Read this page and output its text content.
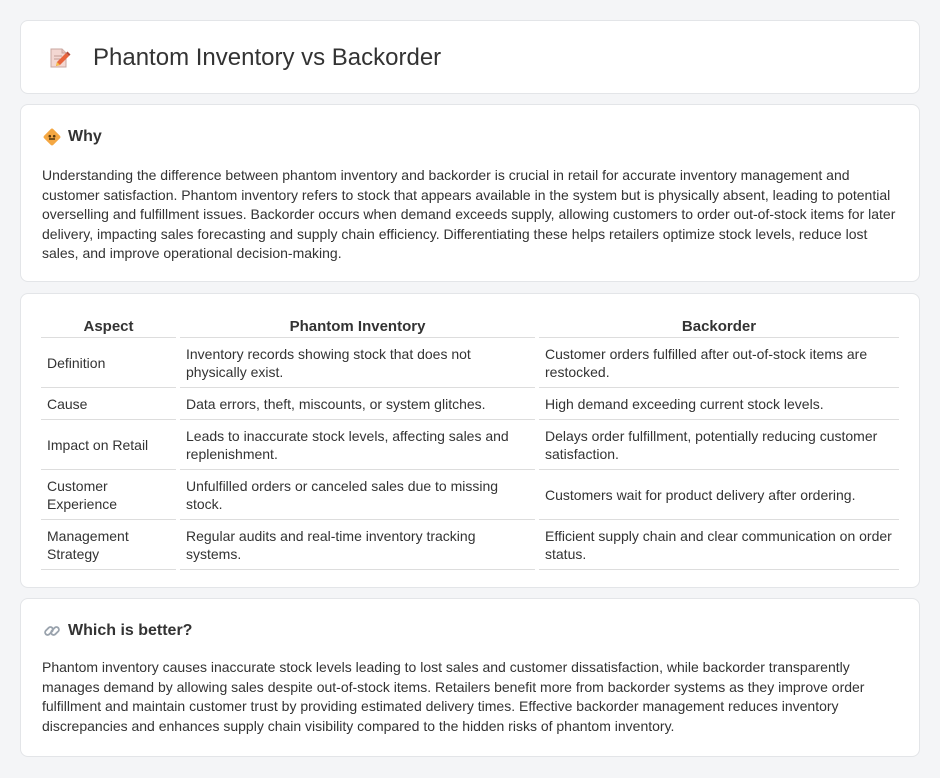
Phantom Inventory vs Backorder
Why

Understanding the difference between phantom inventory and backorder is crucial in retail for accurate inventory management and customer satisfaction. Phantom inventory refers to stock that appears available in the system but is physically absent, leading to potential overselling and fulfillment issues. Backorder occurs when demand exceeds supply, allowing customers to order out-of-stock items for later delivery, impacting sales forecasting and supply chain efficiency. Differentiating these helps retailers optimize stock levels, reduce lost sales, and improve operational decision-making.

Aspect	Phantom Inventory	Backorder
Definition	Inventory records showing stock that does not physically exist.	Customer orders fulfilled after out-of-stock items are restocked.
Cause	Data errors, theft, miscounts, or system glitches.	High demand exceeding current stock levels.
Impact on Retail	Leads to inaccurate stock levels, affecting sales and replenishment.	Delays order fulfillment, potentially reducing customer satisfaction.
Customer Experience	Unfulfilled orders or canceled sales due to missing stock.	Customers wait for product delivery after ordering.
Management Strategy	Regular audits and real-time inventory tracking systems.	Efficient supply chain and clear communication on order status.
Which is better?

Phantom inventory causes inaccurate stock levels leading to lost sales and customer dissatisfaction, while backorder transparently manages demand by allowing sales despite out-of-stock items. Retailers benefit more from backorder systems as they improve order fulfillment and maintain customer trust by providing estimated delivery times. Effective backorder management reduces inventory discrepancies and enhances supply chain visibility compared to the hidden risks of phantom inventory.
